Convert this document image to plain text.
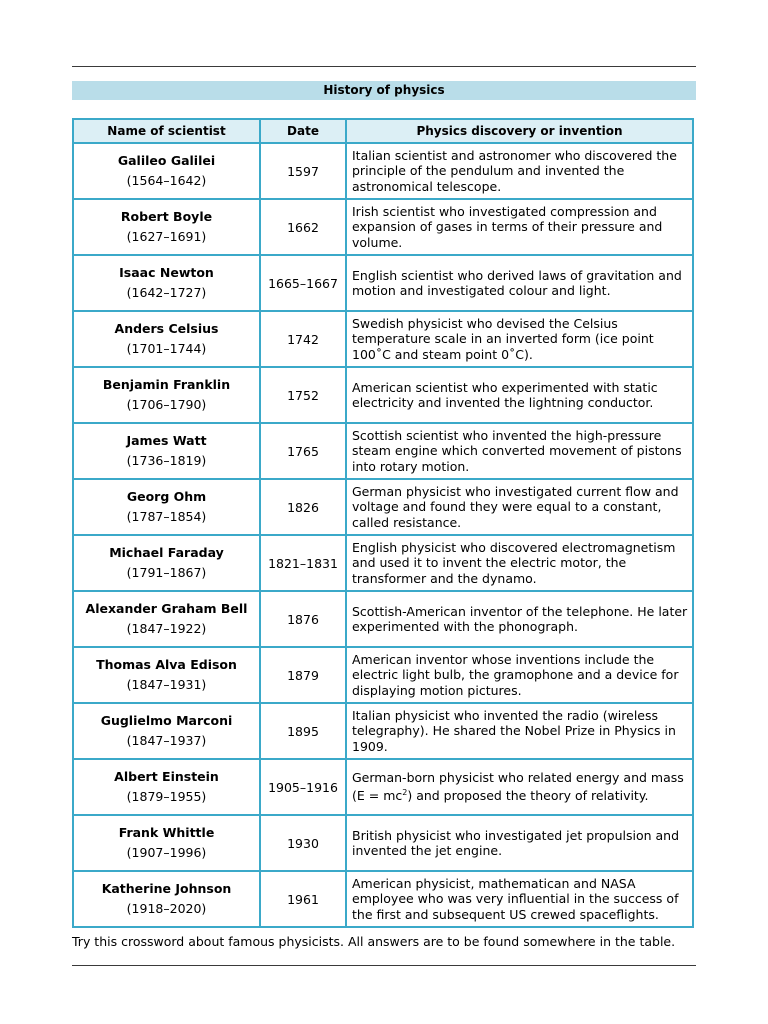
History of physics
Name of scientist	Date	Physics discovery or invention

Galileo Galilei
(1564–1642)	1597	Italian scientist and astronomer who discovered the principle of the pendulum and invented the astronomical telescope.

Robert Boyle
(1627–1691)	1662	Irish scientist who investigated compression and expansion of gases in terms of their pressure and volume.

Isaac Newton
(1642–1727)	1665–1667	English scientist who derived laws of gravitation and motion and investigated colour and light.

Anders Celsius
(1701–1744)	1742	Swedish physicist who devised the Celsius temperature scale in an inverted form (ice point 100˚C and steam point 0˚C).

Benjamin Franklin
(1706–1790)	1752	American scientist who experimented with static electricity and invented the lightning conductor.

James Watt
(1736–1819)	1765	Scottish scientist who invented the high-pressure steam engine which converted movement of pistons into rotary motion.

Georg Ohm
(1787–1854)	1826	German physicist who investigated current flow and voltage and found they were equal to a constant, called resistance.

Michael Faraday
(1791–1867)	1821–1831	English physicist who discovered electromagnetism and used it to invent the electric motor, the transformer and the dynamo.

Alexander Graham Bell
(1847–1922)	1876	Scottish-American inventor of the telephone. He later experimented with the phonograph.

Thomas Alva Edison
(1847–1931)	1879	American inventor whose inventions include the electric light bulb, the gramophone and a device for displaying motion pictures.

Guglielmo Marconi
(1847–1937)	1895	Italian physicist who invented the radio (wireless telegraphy). He shared the Nobel Prize in Physics in 1909.

Albert Einstein
(1879–1955)	1905–1916	German-born physicist who related energy and mass $(E = mc^2)$ and proposed the theory of relativity.

Frank Whittle
(1907–1996)	1930	British physicist who investigated jet propulsion and invented the jet engine.

Katherine Johnson
(1918–2020)	1961	American physicist, mathematican and NASA employee who was very influential in the success of the first and subsequent US crewed spaceflights.
Try this crossword about famous physicists. All answers are to be found somewhere in the table.
